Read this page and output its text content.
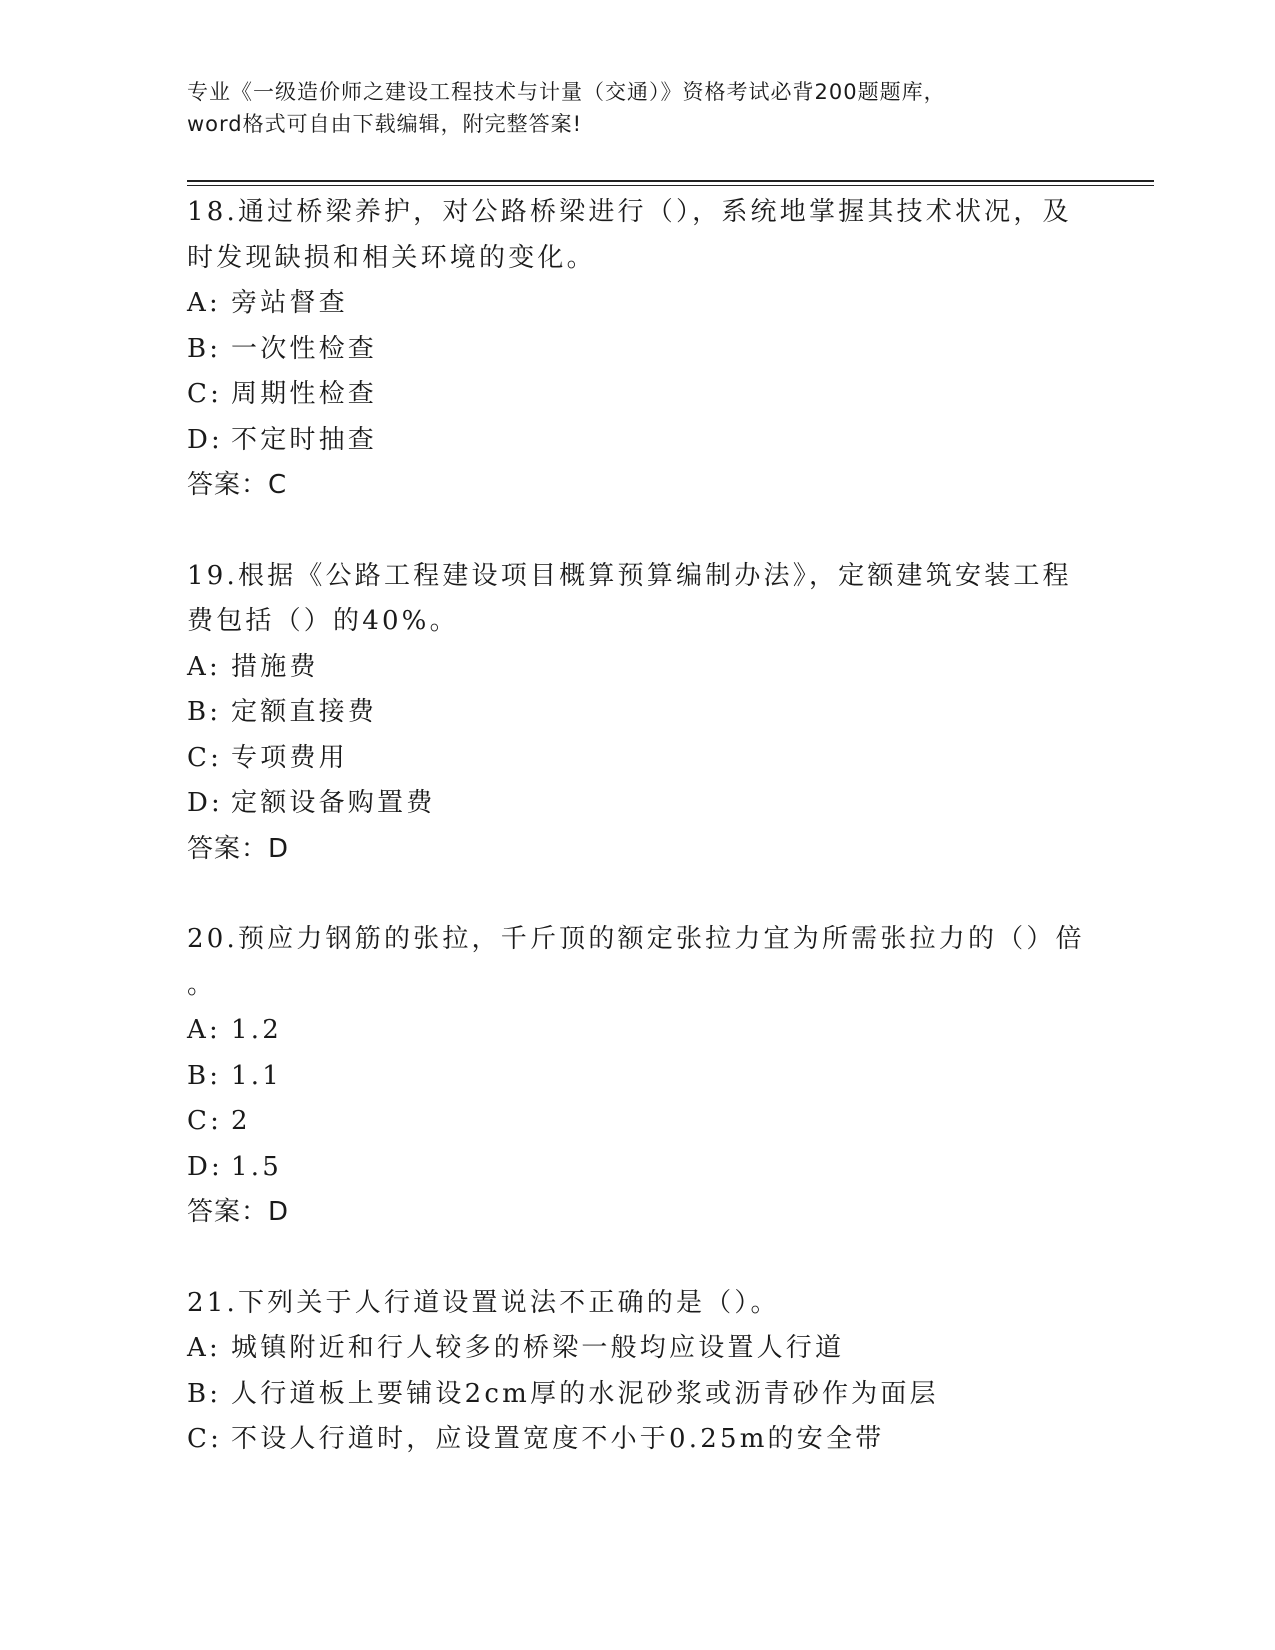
专业《一级造价师之建设工程技术与计量（交通）》资格考试必背200题题库，
word格式可自由下载编辑，附完整答案!
18.通过桥梁养护，对公路桥梁进行（），系统地掌握其技术状况，及
时发现缺损和相关环境的变化。
A: 旁站督查
B: 一次性检查
C: 周期性检查
D: 不定时抽查
答案：C
19.根据《公路工程建设项目概算预算编制办法》，定额建筑安装工程
费包括（）的40%。
A: 措施费
B: 定额直接费
C: 专项费用
D: 定额设备购置费
答案：D
20.预应力钢筋的张拉，千斤顶的额定张拉力宜为所需张拉力的（）倍
。
A: 1.2
B: 1.1
C: 2
D: 1.5
答案：D
21.下列关于人行道设置说法不正确的是（）。
A: 城镇附近和行人较多的桥梁一般均应设置人行道
B: 人行道板上要铺设2cm厚的水泥砂浆或沥青砂作为面层
C: 不设人行道时，应设置宽度不小于0.25m的安全带
